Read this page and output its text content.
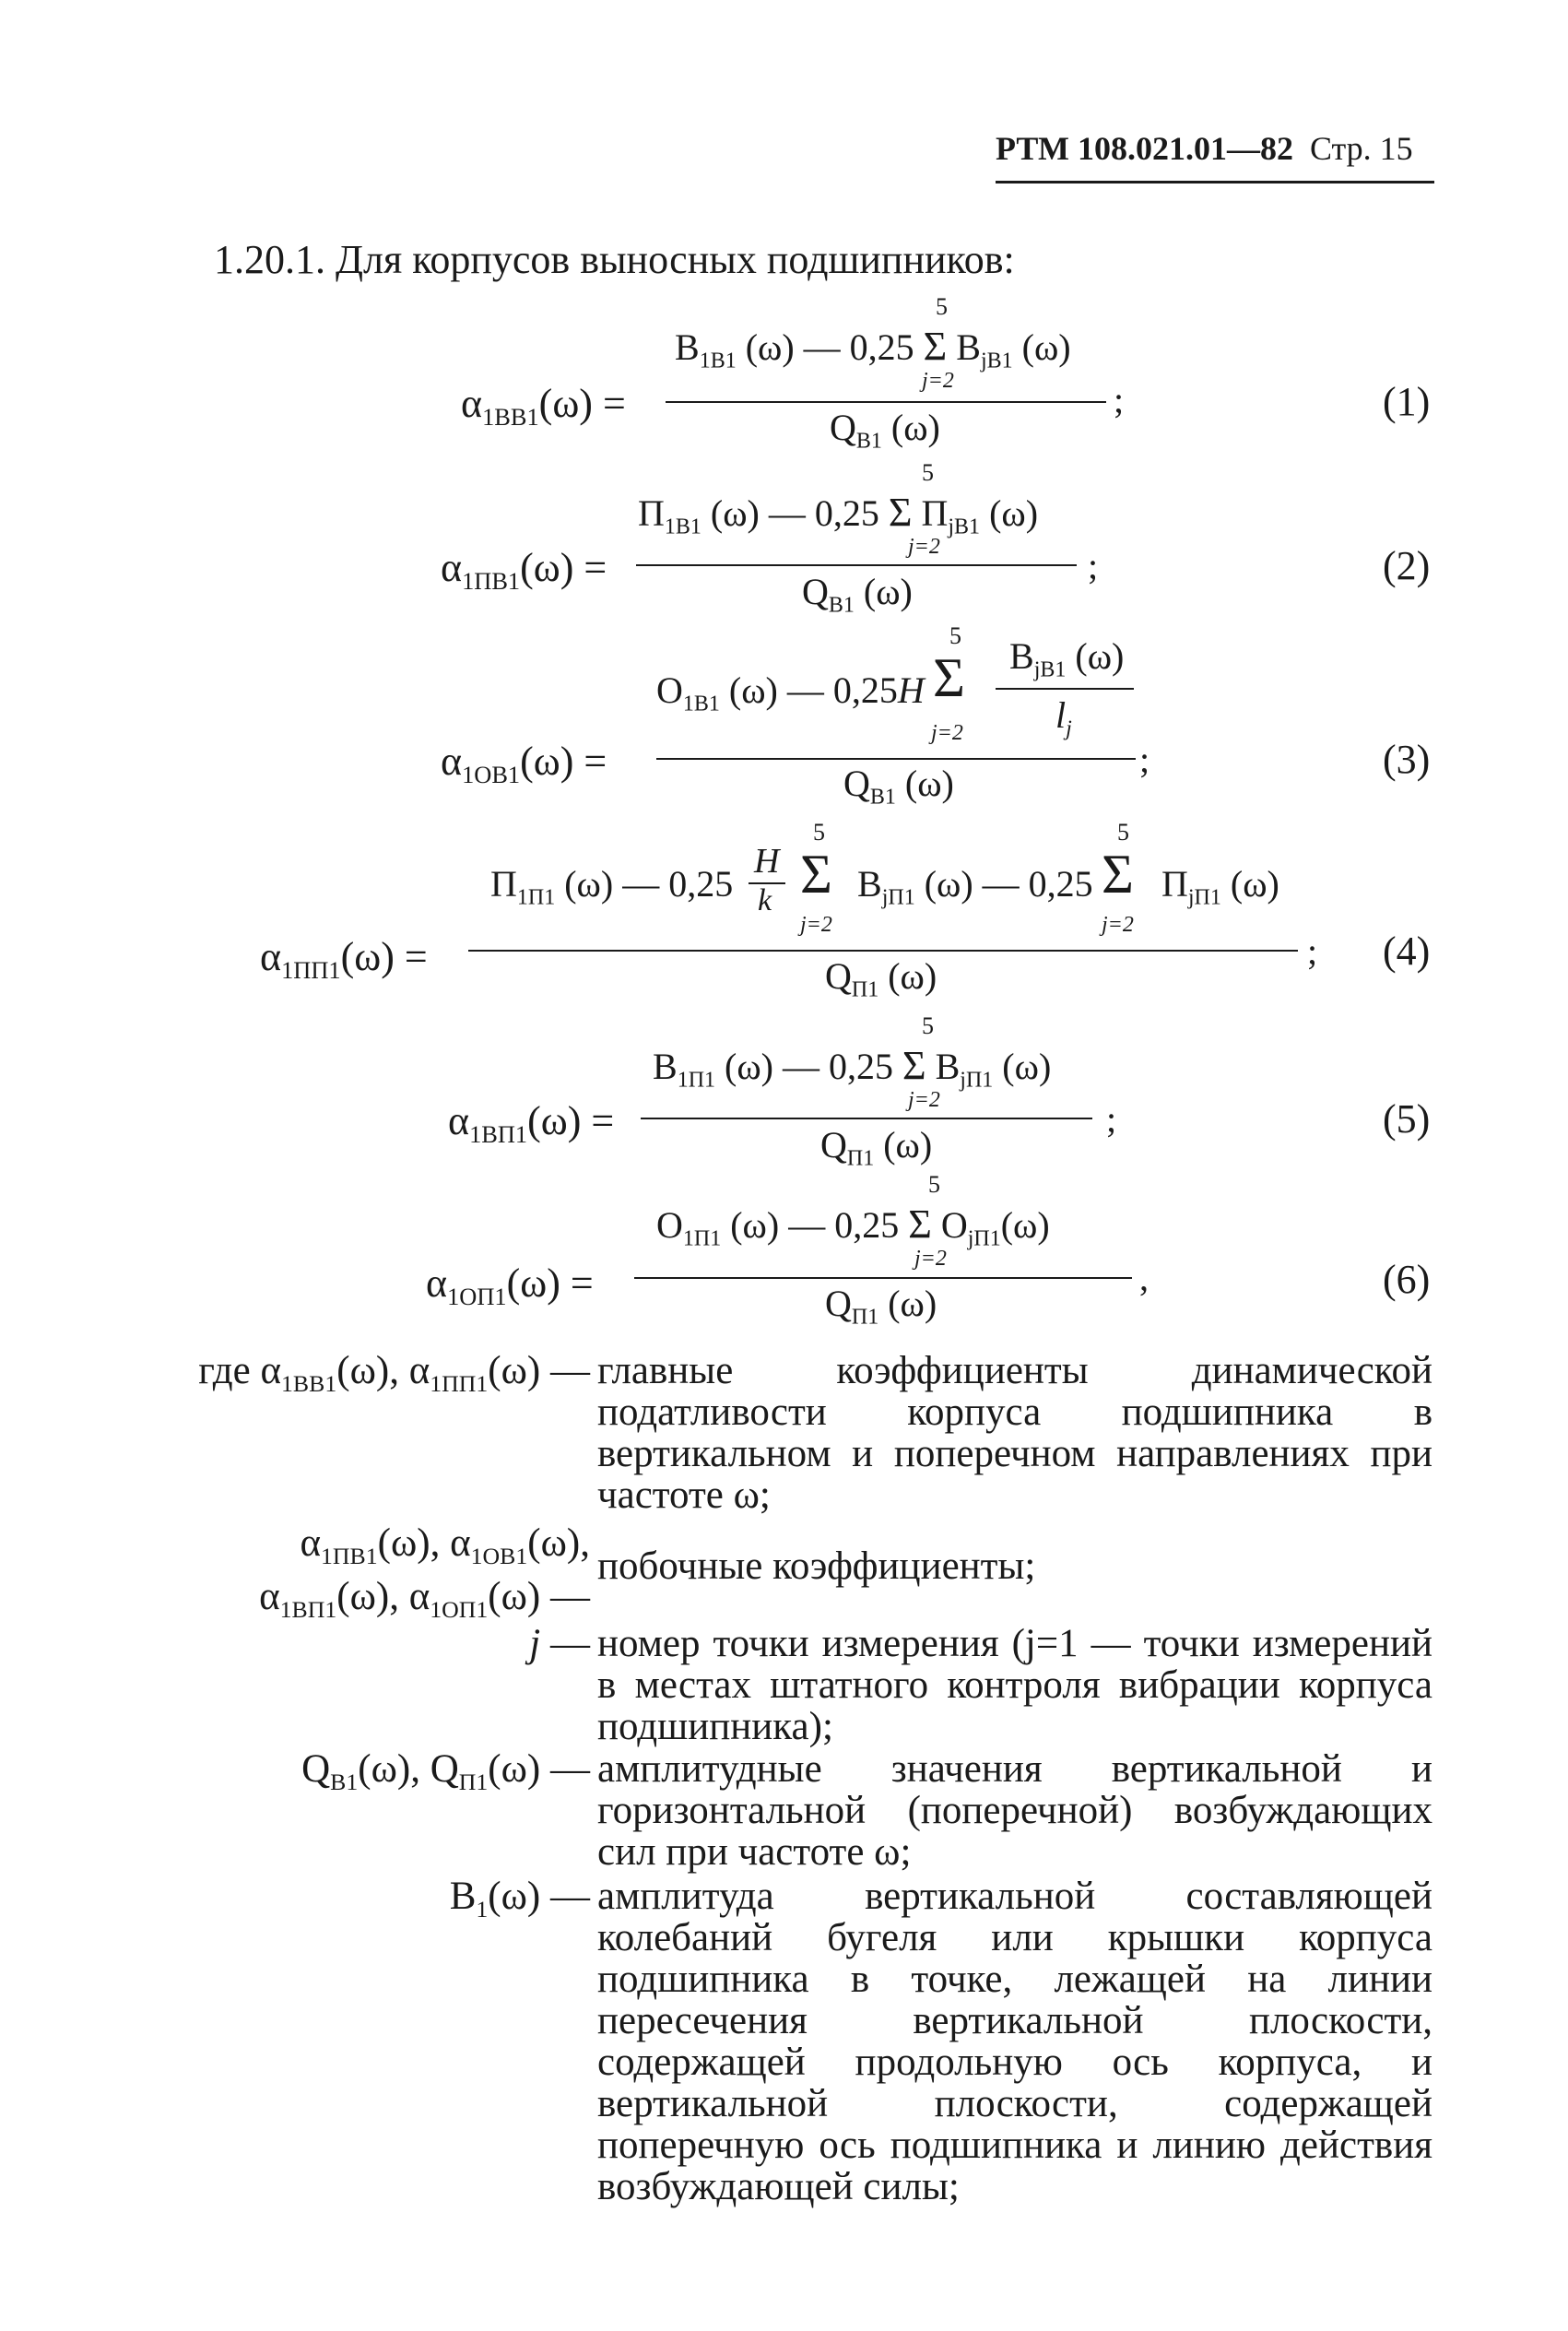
РТМ 108.021.01—82 Стр. 15
1.20.1. Для корпусов выносных подшипников:
$\alpha_{1ВВ1}(\omega)$ =
$В_{1В1}$ (ω) — 0,25 Σ $В_{jВ1}$ (ω)
5
j=2
$Q_{В1}$ (ω)
;	(1)
$\alpha_{1ПВ1}(\omega)$ =
$П_{1В1}$ (ω) — 0,25 Σ $П_{jВ1}$ (ω)
5
j=2
$Q_{В1}$ (ω)
;	(2)
$\alpha_{1ОВ1}(\omega)$ =
$О_{1В1}$ (ω) — 0,25H Σ
5
j=2
$В_{jВ1}$ (ω)
$l_j$
$Q_{В1}$ (ω)
;	(3)
$\alpha_{1ПП1}(\omega)$ =
$П_{1П1}$ (ω) — 0,25
H
k Σ
5
j=2
$В_{jП1}$ (ω) — 0,25 Σ
5
j=2
$П_{jП1}$ (ω)
$Q_{П1}$ (ω)
; (4)
$\alpha_{1ВП1}(\omega)$ =
$В_{1П1}$ (ω) — 0,25 Σ $В_{jП1}$ (ω)
5
j=2
$Q_{П1}$ (ω)
;	(5)
$\alpha_{1ОП1}(\omega)$ =
$О_{1П1}$ (ω) — 0,25 Σ $О_{jП1}(\omega)$
5
j=2
$Q_{П1}$ (ω)
,	(6)
где $\alpha_{1ВВ1}(\omega)$, $\alpha_{1ПП1}(\omega)$ — главные коэффициенты динамической податливости корпуса подшипника в вертикальном и поперечном направлениях при частоте ω;
$\alpha_{1ПВ1}(\omega)$, $\alpha_{1ОВ1}(\omega)$,
$\alpha_{1ВП1}(\omega)$, $\alpha_{1ОП1}(\omega)$ —
побочные коэффициенты;
j — номер точки измерения (j=1 — точки измерений в местах штатного контроля вибрации корпуса подшипника);
$Q_{В1}(\omega)$, $Q_{П1}(\omega)$ — амплитудные значения вертикальной и горизонтальной (поперечной) возбуждающих сил при частоте ω;
$В_1(\omega)$ — амплитуда вертикальной составляющей колебаний бугеля или крышки корпуса подшипника в точке, лежащей на линии пересечения вертикальной плоскости, содержащей продольную ось корпуса, и вертикальной плоскости, содержащей поперечную ось подшипника и линию действия возбуждающей силы;
